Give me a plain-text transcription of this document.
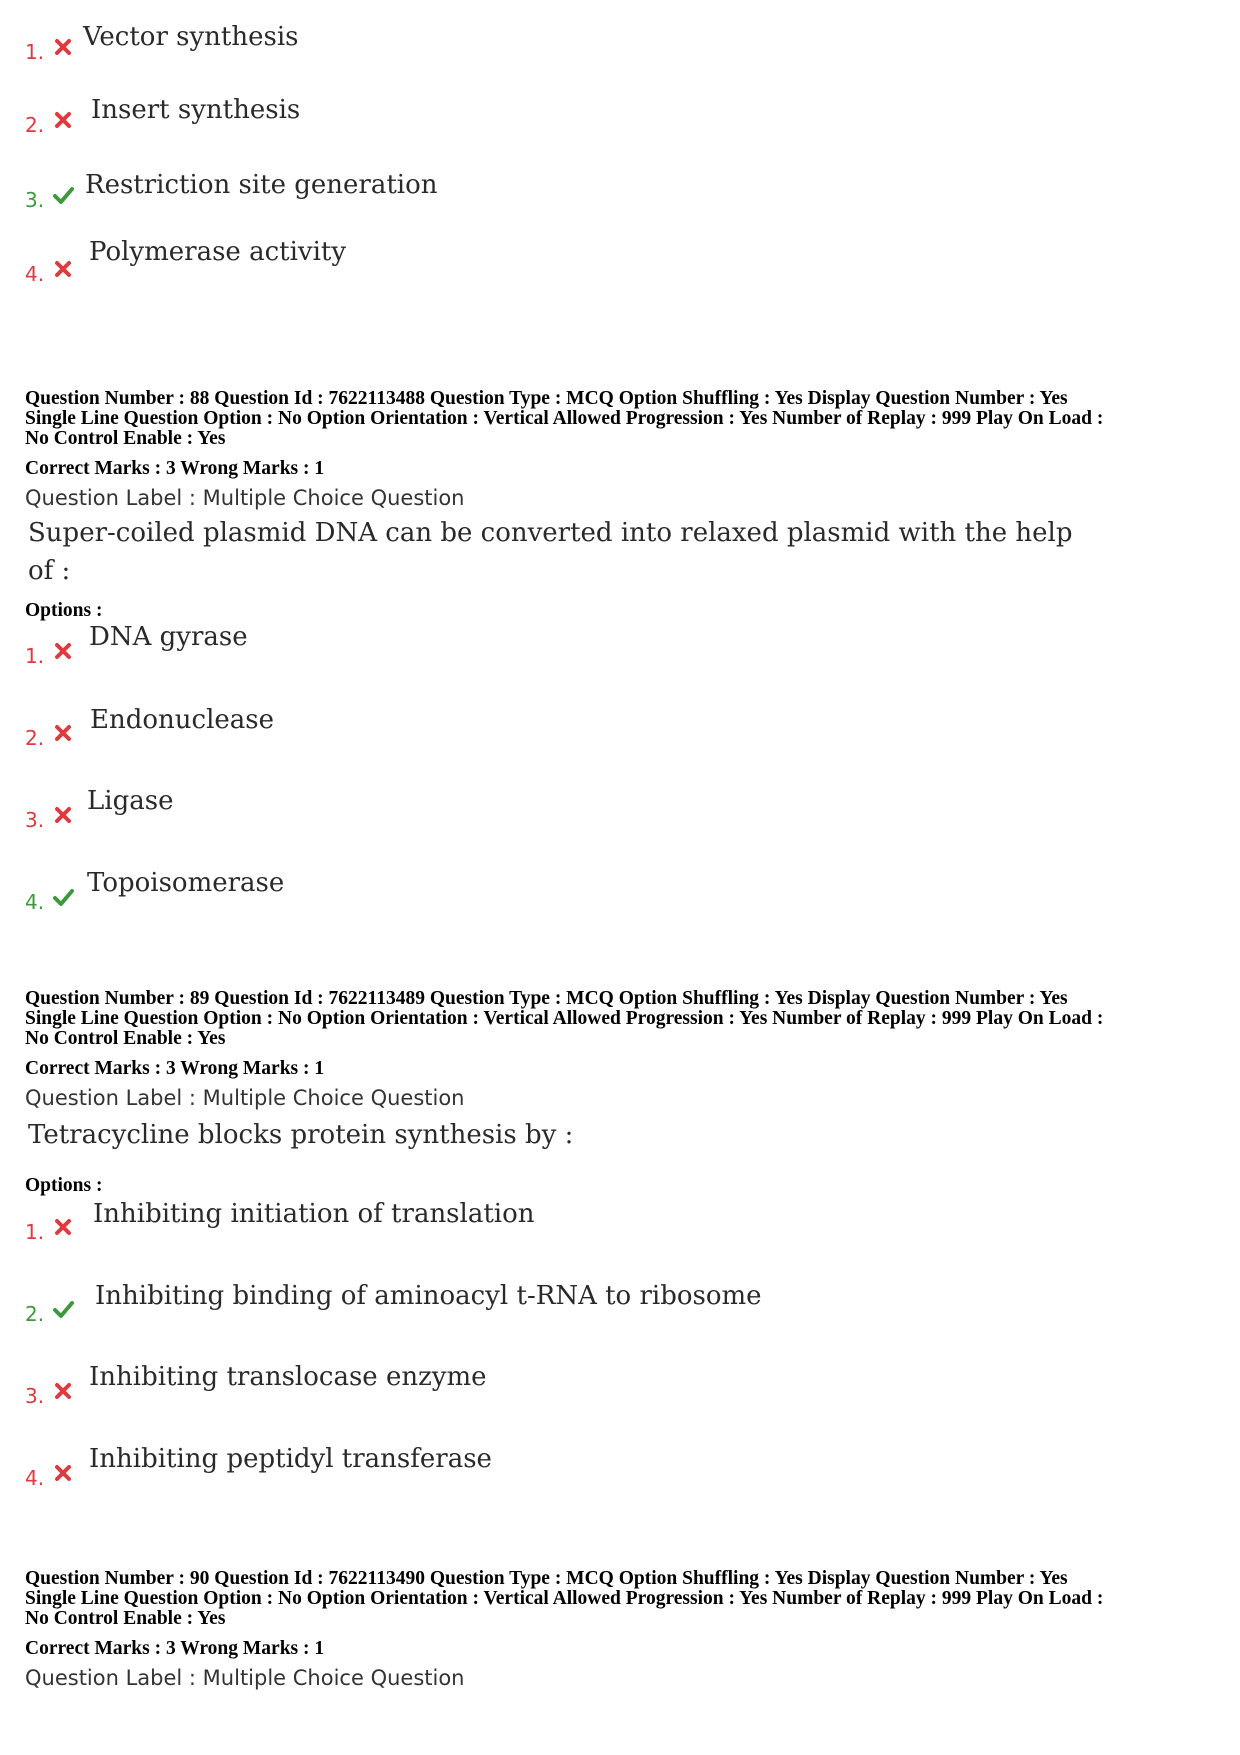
1. Vector synthesis
2. Insert synthesis
3. Restriction site generation
4.
Polymerase activity
Question Number : 88 Question Id : 7622113488 Question Type : MCQ Option Shuffling : Yes Display Question Number : Yes
Single Line Question Option : No Option Orientation : Vertical Allowed Progression : Yes Number of Replay : 999 Play On Load :
No Control Enable : Yes
Correct Marks : 3 Wrong Marks : 1
Question Label : Multiple Choice Question
Super-coiled plasmid DNA can be converted into relaxed plasmid with the help
of :
Options :
1.
DNA gyrase
2.
Endonuclease
3.
Ligase
4.
Topoisomerase
Question Number : 89 Question Id : 7622113489 Question Type : MCQ Option Shuffling : Yes Display Question Number : Yes
Single Line Question Option : No Option Orientation : Vertical Allowed Progression : Yes Number of Replay : 999 Play On Load :
No Control Enable : Yes
Correct Marks : 3 Wrong Marks : 1
Question Label : Multiple Choice Question
Tetracycline blocks protein synthesis by :
Options :
1.
Inhibiting initiation of translation
2.
Inhibiting binding of aminoacyl t-RNA to ribosome
3.
Inhibiting translocase enzyme
4.
Inhibiting peptidyl transferase
Question Number : 90 Question Id : 7622113490 Question Type : MCQ Option Shuffling : Yes Display Question Number : Yes
Single Line Question Option : No Option Orientation : Vertical Allowed Progression : Yes Number of Replay : 999 Play On Load :
No Control Enable : Yes
Correct Marks : 3 Wrong Marks : 1
Question Label : Multiple Choice Question
